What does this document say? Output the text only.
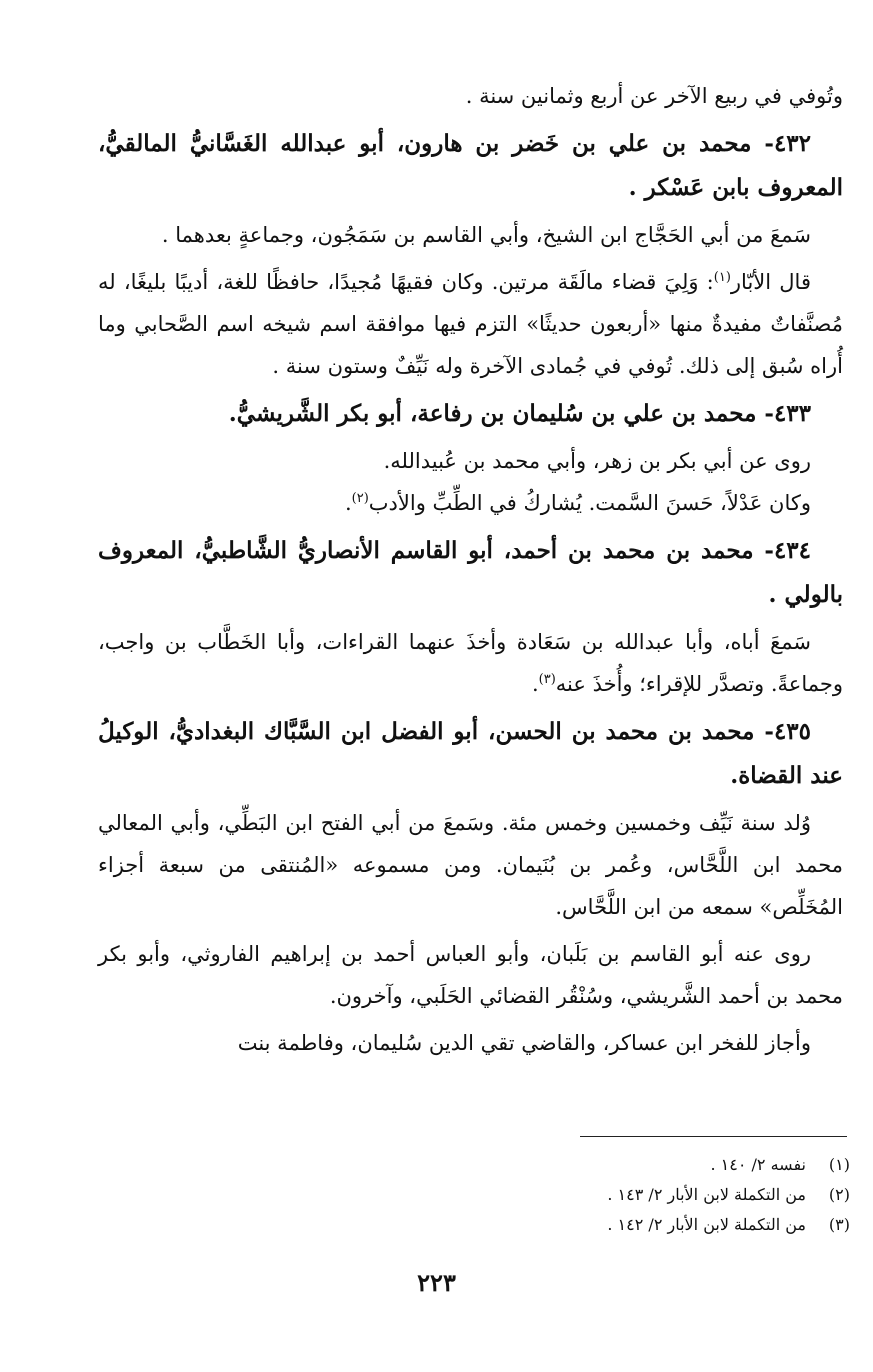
وتُوفي في ربيع الآخر عن أربع وثمانين سنة .

٤٣٢- محمد بن علي بن خَضر بن هارون، أبو عبدالله الغَسَّانيُّ المالقيُّ، المعروف بابن عَسْكر .

سَمعَ من أبي الحَجَّاج ابن الشيخ، وأبي القاسم بن سَمَجُون، وجماعةٍ بعدهما .

قال الأبّار$^{(١)}$: وَلِيَ قضاء مالَقَة مرتين. وكان فقيهًا مُجيدًا، حافظًا للغة، أديبًا بليغًا، له مُصنَّفاتٌ مفيدةٌ منها «أربعون حديثًا» التزم فيها موافقة اسم شيخه اسم الصَّحابي وما أُراه سُبق إلى ذلك. تُوفي في جُمادى الآخرة وله نَيِّفٌ وستون سنة .

٤٣٣- محمد بن علي بن سُليمان بن رفاعة، أبو بكر الشَّريشيُّ.

روى عن أبي بكر بن زهر، وأبي محمد بن عُبيدالله.

وكان عَدْلاً، حَسنَ السَّمت. يُشاركُ في الطِّبِّ والأدب$^{(٢)}$.

٤٣٤- محمد بن محمد بن أحمد، أبو القاسم الأنصاريُّ الشَّاطبيُّ، المعروف بالولي .

سَمعَ أباه، وأبا عبدالله بن سَعَادة وأخذَ عنهما القراءات، وأبا الخَطَّاب بن واجب، وجماعةً. وتصدَّر للإقراء؛ وأُخذَ عنه$^{(٣)}$.

٤٣٥- محمد بن محمد بن الحسن، أبو الفضل ابن السَّبَّاك البغداديُّ، الوكيلُ عند القضاة.

وُلد سنة نَيِّف وخمسين وخمس مئة. وسَمعَ من أبي الفتح ابن البَطِّي، وأبي المعالي محمد ابن اللَّحَّاس، وعُمر بن بُنَيمان. ومن مسموعه «المُنتقى من سبعة أجزاء المُخَلِّص» سمعه من ابن اللَّحَّاس.

روى عنه أبو القاسم بن بَلَبان، وأبو العباس أحمد بن إبراهيم الفاروثي، وأبو بكر محمد بن أحمد الشَّريشي، وسُنْقُر القضائي الحَلَبي، وآخرون.

وأجاز للفخر ابن عساكر، والقاضي تقي الدين سُليمان، وفاطمة بنت

(١)
نفسه ٢/ ١٤٠ .

(٢)
من التكملة لابن الأبار ٢/ ١٤٣ .

(٣)
من التكملة لابن الأبار ٢/ ١٤٢ .

٢٢٣
